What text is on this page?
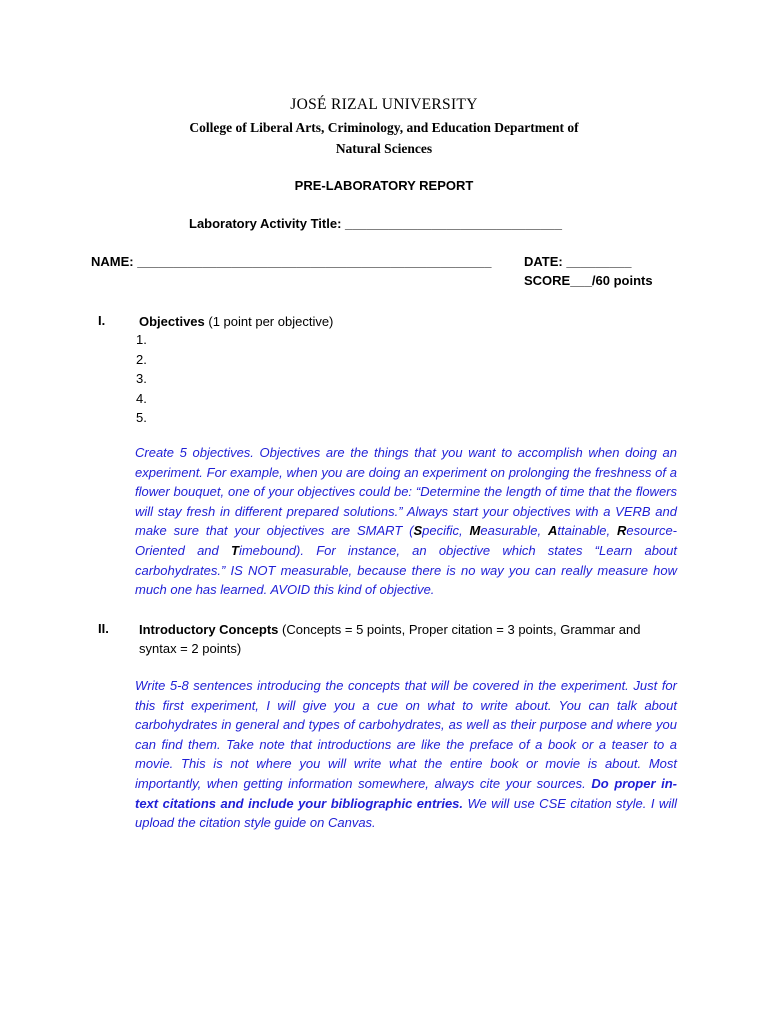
JOSÉ RIZAL UNIVERSITY
College of Liberal Arts, Criminology, and Education Department of
Natural Sciences
PRE-LABORATORY REPORT
Laboratory Activity Title: ______________________________
NAME: _________________________________________________	DATE: _________
SCORE___/60 points
I.	Objectives (1 point per objective)
1.
2.
3.
4.
5.
Create 5 objectives. Objectives are the things that you want to accomplish when doing an experiment. For example, when you are doing an experiment on prolonging the freshness of a flower bouquet, one of your objectives could be: “Determine the length of time that the flowers will stay fresh in different prepared solutions.” Always start your objectives with a VERB and make sure that your objectives are SMART (Specific, Measurable, Attainable, Resource-Oriented and Timebound). For instance, an objective which states “Learn about carbohydrates.” IS NOT measurable, because there is no way you can really measure how much one has learned. AVOID this kind of objective.
II. Introductory Concepts (Concepts = 5 points, Proper citation = 3 points, Grammar and syntax = 2 points)
Write 5-8 sentences introducing the concepts that will be covered in the experiment. Just for this first experiment, I will give you a cue on what to write about. You can talk about carbohydrates in general and types of carbohydrates, as well as their purpose and where you can find them. Take note that introductions are like the preface of a book or a teaser to a movie. This is not where you will write what the entire book or movie is about. Most importantly, when getting information somewhere, always cite your sources. Do proper in-text citations and include your bibliographic entries. We will use CSE citation style. I will upload the citation style guide on Canvas.
